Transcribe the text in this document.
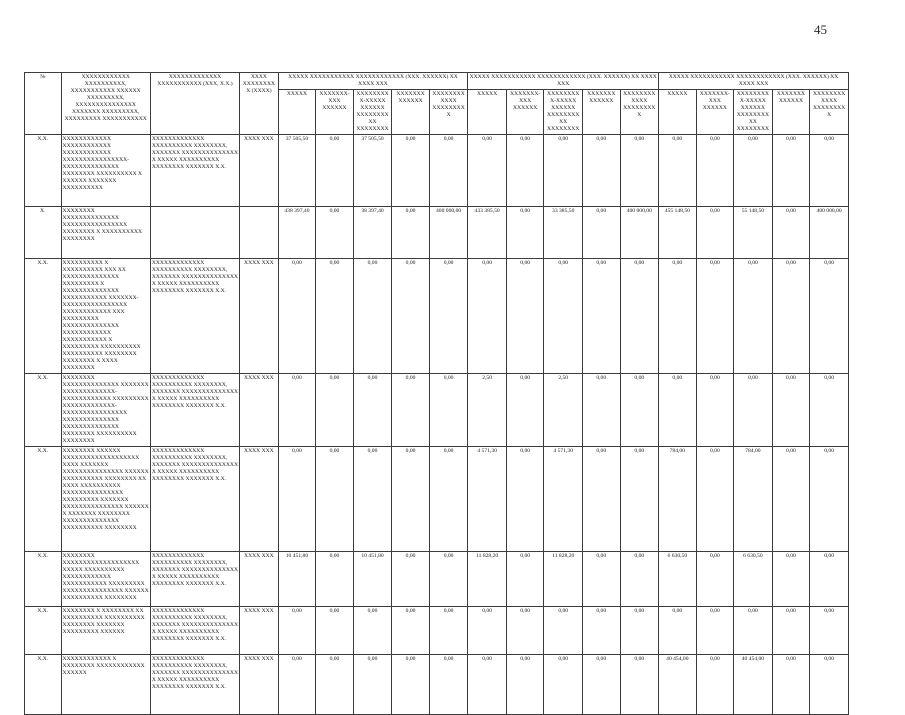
45
№	XXXXXXXXXXXX XXXXXXXXXX, XXXXXXXXXXX XXXXXX XXXXXXXXX, XXXXXXXXXXXXXXX XXXXXXX XXXXXXXXX, XXXXXXXXX XXXXXXXXXXX	XXXXXXXXXXXXX XXXXXXXXXXX (XXX, X.X.)	XXXX XXXXXXXXX (XXXX)	XXXXX XXXXXXXXXXX XXXXXXXXXXXX (XXX. XXXXXX) XX XXXX XXX					XXXXX XXXXXXXXXXX XXXXXXXXXXXX (XXX. XXXXXX) XX XXXX XXX					XXXXX XXXXXXXXXXX XXXXXXXXXXXX (XXX. XXXXXX) XX XXXX XXX				
				XXXXX	XXXXXXX-XXX XXXXXX	XXXXXXXXX-XXXXX XXXXXX XXXXXXXXXX XXXXXXXX	XXXXXXX XXXXXX	XXXXXXXXXXXX XXXXXXXXX	XXXXX	XXXXXXX-XXX XXXXXX	XXXXXXXXX-XXXXX XXXXXX XXXXXXXXXX XXXXXXXX	XXXXXXX XXXXXX	XXXXXXXXXXXX XXXXXXXXX	XXXXX	XXXXXXX-XXX XXXXXX	XXXXXXXXX-XXXXX XXXXXX XXXXXXXXXX XXXXXXXX	XXXXXXX XXXXXX	XXXXXXXXXXXX XXXXXXXXX
X.X.	XXXXXXXXXXXX XXXXXXXXXXXX XXXXXXXXXXXX XXXXXXXXXXXXXXXX-XXXXXXXXXXXXXX XXXXXXXX XXXXXXXXXX X XXXXXX XXXXXXX XXXXXXXXXX	XXXXXXXXXXXXX XXXXXXXXXX XXXXXXXX, XXXXXXX XXXXXXXXXXXXXX X XXXXX XXXXXXXXXX XXXXXXXX XXXXXXX X.X.	XXXX XXX	37 505,50	0,00	37 505,50	0,00	0,00	0,00	0,00	0,00	0,00	0,00	0,00	0,00	0,00	0,00	0,00
X.	XXXXXXXX XXXXXXXXXXXXXX XXXXXXXXXXXXXXXX XXXXXXXX X XXXXXXXXXX XXXXXXXX			438 397,40	0,00	38 397,40	0,00	400 000,00	433 385,50	0,00	33 385,50	0,00	400 000,00	455 148,50	0,00	55 148,50	0,00	400 000,00
X.X.	XXXXXXXXXX X XXXXXXXXXX XXX XX XXXXXXXXXXXXXX XXXXXXXXX X XXXXXXXXXXXXXX XXXXXXXXXXX XXXXXXX-XXXXXXXXXXXXXXXX XXXXXXXXXXXX XXX XXXXXXXXX XXXXXXXXXXXXXX XXXXXXXXXXXX XXXXXXXXXXX X XXXXXXXXX XXXXXXXXXX XXXXXXXXXX XXXXXXXX XXXXXXXX X XXXX XXXXXXXX	XXXXXXXXXXXXX XXXXXXXXXX XXXXXXXX, XXXXXXX XXXXXXXXXXXXXX X XXXXX XXXXXXXXXX XXXXXXXX XXXXXXX X.X.	XXXX XXX	0,00	0,00	0,00	0,00	0,00	0,00	0,00	0,00	0,00	0,00	0,00	0,00	0,00	0,00	0,00
X.X.	XXXXXXXX XXXXXXXXXXXXXX XXXXXXX XXXXXXXXXXXXX-XXXXXXXXXXXX XXXXXXXXX XXXXXXXXXXXXX-XXXXXXXXXXXXXXXX XXXXXXXXXXXXXX XXXXXXXXXXXXXX XXXXXXXX XXXXXXXXXX XXXXXXXX	XXXXXXXXXXXXX XXXXXXXXXX XXXXXXXX, XXXXXXX XXXXXXXXXXXXXX X XXXXX XXXXXXXXXX XXXXXXXX XXXXXXX X.X.	XXXX XXX	0,00	0,00	0,00	0,00	0,00	2,50	0,00	2,50	0,00	0,00	0,00	0,00	0,00	0,00	0,00
X.X.	XXXXXXXX XXXXXX XXXXXXXXXXXXXXXXXXX XXXX XXXXXXX XXXXXXXXXXXXXXX XXXXXX XXXXXXXXXX XXXXXXXX XX XXXX XXXXXXXXXX XXXXXXXXXXXXXXX XXXXXXXXX XXXXXXX XXXXXXXXXXXXXXX XXXXXX X XXXXXXX XXXXXXXX XXXXXXXXXXXXXX XXXXXXXXXX XXXXXXXX	XXXXXXXXXXXXX XXXXXXXXXX XXXXXXXX, XXXXXXX XXXXXXXXXXXXXX X XXXXX XXXXXXXXXX XXXXXXXX XXXXXXX X.X.	XXXX XXX	0,00	0,00	0,00	0,00	0,00	4 571,30	0,00	4 571,30	0,00	0,00	784,00	0,00	784,00	0,00	0,00
X.X.	XXXXXXXX XXXXXXXXXXXXXXXXXXX XXXXX XXXXXXXXXX XXXXXXXXXXXX XXXXXXXXXXX XXXXXXXXX XXXXXXXXXXXXXXX XXXXXX XXXXXXXXXX XXXXXXXX	XXXXXXXXXXXXX XXXXXXXXXX XXXXXXXX, XXXXXXX XXXXXXXXXXXXXX X XXXXX XXXXXXXXXX XXXXXXXX XXXXXXX X.X.	XXXX XXX	10 451,80	0,00	10 451,80	0,00	0,00	11 828,20	0,00	11 828,20	0,00	0,00	6 630,50	0,00	6 630,50	0,00	0,00
X.X.	XXXXXXXX X XXXXXXXX XX XXXXXXXXXX XXXXXXXXXX XXXXXXXX XXXXXXX XXXXXXXXX XXXXXX	XXXXXXXXXXXXX XXXXXXXXXX XXXXXXXX, XXXXXXX XXXXXXXXXXXXXX X XXXXX XXXXXXXXXX XXXXXXXX XXXXXXX X.X.	XXXX XXX	0,00	0,00	0,00	0,00	0,00	0,00	0,00	0,00	0,00	0,00	0,00	0,00	0,00	0,00	0,00
X.X.	XXXXXXXXXXXX X XXXXXXXX XXXXXXXXXXXX XXXXXX	XXXXXXXXXXXXX XXXXXXXXXX XXXXXXXX, XXXXXXX XXXXXXXXXXXXXX X XXXXX XXXXXXXXXX XXXXXXXX XXXXXXX X.X.	XXXX XXX	0,00	0,00	0,00	0,00	0,00	0,00	0,00	0,00	0,00	0,00	40 454,00	0,00	40 454,00	0,00	0,00
